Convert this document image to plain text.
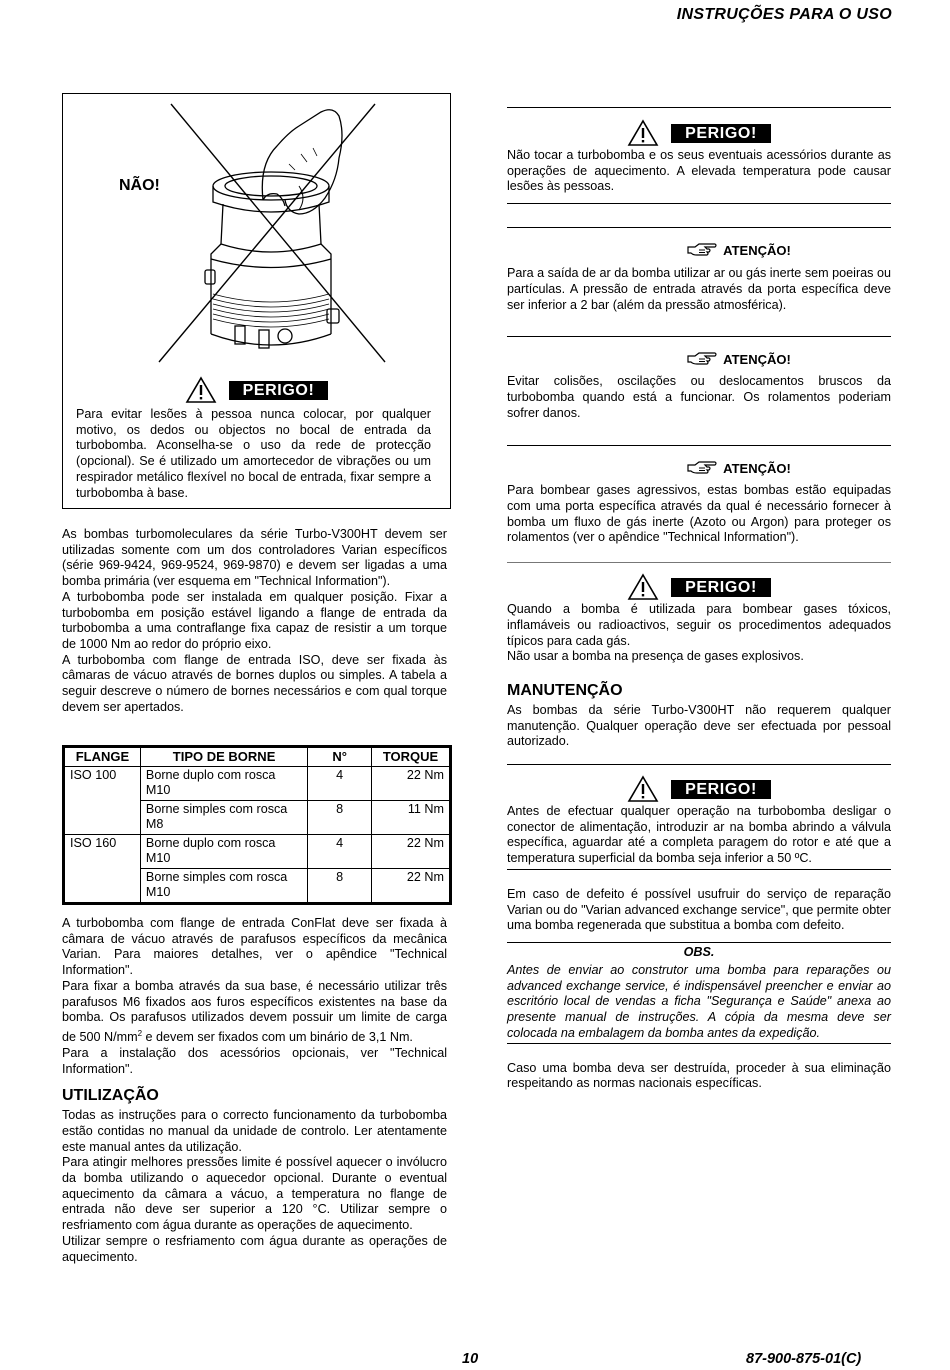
INSTRUÇÕES PARA O USO
NÃO!
PERIGO!

Para evitar lesões à pessoa nunca colocar, por qualquer motivo, os dedos ou objectos no bocal de entrada da turbobomba. Aconselha-se o uso da rede de protecção (opcional). Se é utilizado um amortecedor de vibrações ou um respirador metálico flexível no bocal de entrada, fixar sempre a turbobomba à base.

As bombas turbomoleculares da série Turbo-V300HT devem ser utilizadas somente com um dos controladores Varian específicos (série 969-9424, 969-9524, 969-9870) e devem ser ligadas a uma bomba primária (ver esquema em "Technical Information").

A turbobomba pode ser instalada em qualquer posição. Fixar a turbobomba em posição estável ligando a flange de entrada da turbobomba a uma contraflange fixa capaz de resistir a um torque de 1000 Nm ao redor do próprio eixo.

A turbobomba com flange de entrada ISO, deve ser fixada às câmaras de vácuo através de bornes duplos ou simples. A tabela a seguir descreve o número de bornes necessários e com qual torque devem ser apertados.

FLANGE	TIPO DE BORNE	N°	TORQUE
ISO 100	Borne duplo com rosca M10	4	22 Nm
	Borne simples com rosca M8	8	11 Nm
ISO 160	Borne duplo com rosca M10	4	22 Nm
	Borne simples com rosca M10	8	22 Nm

A turbobomba com flange de entrada ConFlat deve ser fixada à câmara de vácuo através de parafusos específicos da mecânica Varian. Para maiores detalhes, ver o apêndice "Technical Information".

Para fixar a bomba através da sua base, é necessário utilizar três parafusos M6 fixados aos furos específicos existentes na base da bomba. Os parafusos utilizados devem possuir um limite de carga de 500 $N/mm^2$ e devem ser fixados com um binário de 3,1 Nm.

Para a instalação dos acessórios opcionais, ver "Technical Information".

UTILIZAÇÃO

Todas as instruções para o correcto funcionamento da turbobomba estão contidas no manual da unidade de controlo. Ler atentamente este manual antes da utilização.

Para atingir melhores pressões limite é possível aquecer o invólucro da bomba utilizando o aquecedor opcional. Durante o eventual aquecimento da câmara a vácuo, a temperatura no flange de entrada não deve ser superior a 120 °C. Utilizar sempre o resfriamento com água durante as operações de aquecimento.

Utilizar sempre o resfriamento com água durante as operações de aquecimento.

PERIGO!

Não tocar a turbobomba e os seus eventuais acessórios durante as operações de aquecimento. A elevada temperatura pode causar lesões às pessoas.

ATENÇÃO!

Para a saída de ar da bomba utilizar ar ou gás inerte sem poeiras ou partículas. A pressão de entrada através da porta específica deve ser inferior a 2 bar (além da pressão atmosférica).

ATENÇÃO!

Evitar colisões, oscilações ou deslocamentos bruscos da turbobomba quando está a funcionar. Os rolamentos poderiam sofrer danos.

ATENÇÃO!

Para bombear gases agressivos, estas bombas estão equipadas com uma porta específica através da qual é necessário fornecer à bomba um fluxo de gás inerte (Azoto ou Argon) para proteger os rolamentos (ver o apêndice "Technical Information").

PERIGO!

Quando a bomba é utilizada para bombear gases tóxicos, inflamáveis ou radioactivos, seguir os procedimentos adequados típicos para cada gás.

Não usar a bomba na presença de gases explosivos.

MANUTENÇÃO

As bombas da série Turbo-V300HT não requerem qualquer manutenção. Qualquer operação deve ser efectuada por pessoal autorizado.

PERIGO!

Antes de efectuar qualquer operação na turbobomba desligar o conector de alimentação, introduzir ar na bomba abrindo a válvula específica, aguardar até a completa paragem do rotor e até que a temperatura superficial da bomba seja inferior a 50 ºC.

Em caso de defeito é possível usufruir do serviço de reparação Varian ou do "Varian advanced exchange service", que permite obter uma bomba regenerada que substitua a bomba com defeito.

OBS.

Antes de enviar ao construtor uma bomba para reparações ou advanced exchange service, é indispensável preencher e enviar ao escritório local de vendas a ficha "Segurança e Saúde" anexa ao presente manual de instruções. A cópia da mesma deve ser colocada na embalagem da bomba antes da expedição.

Caso uma bomba deva ser destruída, proceder à sua eliminação respeitando as normas nacionais específicas.

10	87-900-875-01(C)
